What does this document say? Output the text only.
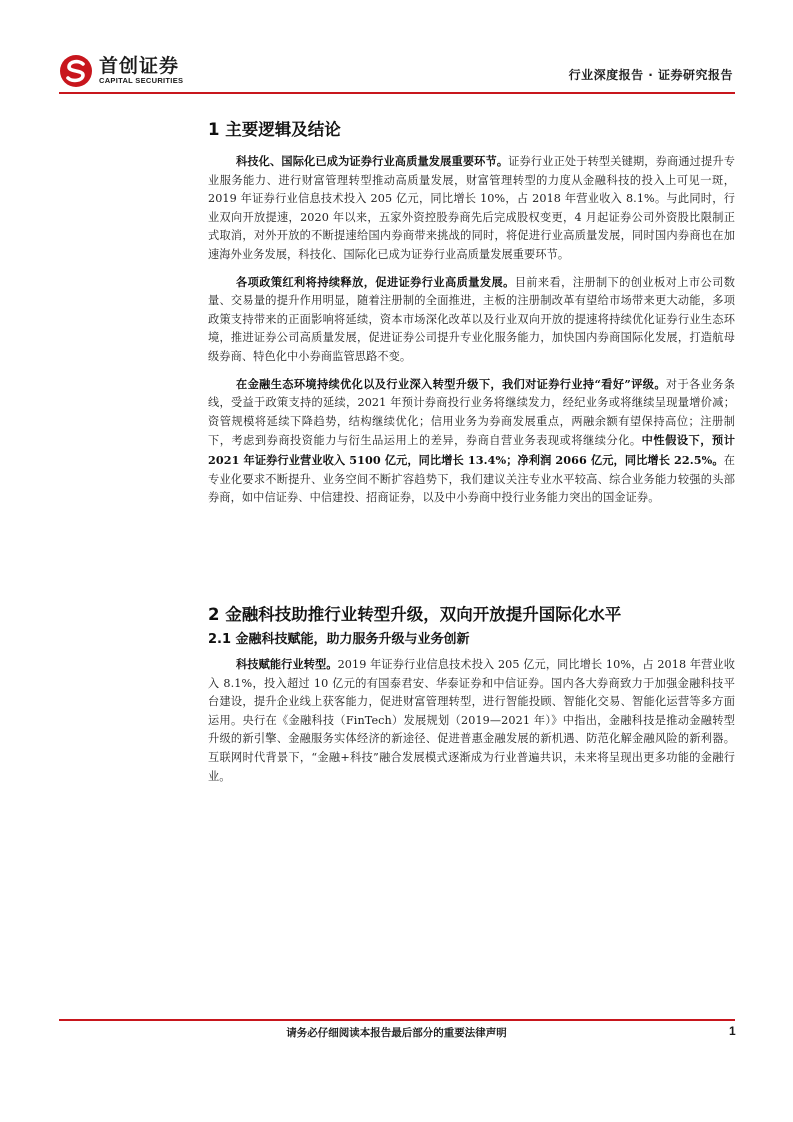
首创证券
CAPITAL SECURITIES	行业深度报告 · 证券研究报告
1 主要逻辑及结论

科技化、国际化已成为证券行业高质量发展重要环节。证券行业正处于转型关键期，券商通过提升专业服务能力、进行财富管理转型推动高质量发展，财富管理转型的力度从金融科技的投入上可见一斑，2019 年证券行业信息技术投入 205 亿元，同比增长 10%，占 2018 年营业收入 8.1%。与此同时，行业双向开放提速，2020 年以来，五家外资控股券商先后完成股权变更，4 月起证券公司外资股比限制正式取消，对外开放的不断提速给国内券商带来挑战的同时，将促进行业高质量发展，同时国内券商也在加速海外业务发展，科技化、国际化已成为证券行业高质量发展重要环节。

各项政策红利将持续释放，促进证券行业高质量发展。目前来看，注册制下的创业板对上市公司数量、交易量的提升作用明显，随着注册制的全面推进，主板的注册制改革有望给市场带来更大动能，多项政策支持带来的正面影响将延续，资本市场深化改革以及行业双向开放的提速将持续优化证券行业生态环境，推进证券公司高质量发展，促进证券公司提升专业化服务能力，加快国内券商国际化发展，打造航母级券商、特色化中小券商监管思路不变。

在金融生态环境持续优化以及行业深入转型升级下，我们对证券行业持“看好”评级。对于各业务条线，受益于政策支持的延续，2021 年预计券商投行业务将继续发力，经纪业务或将继续呈现量增价减；资管规模将延续下降趋势，结构继续优化；信用业务为券商发展重点，两融余额有望保持高位；注册制下，考虑到券商投资能力与衍生品运用上的差异，券商自营业务表现或将继续分化。中性假设下，预计 2021 年证券行业营业收入 5100 亿元，同比增长 13.4%；净利润 2066 亿元，同比增长 22.5%。在专业化要求不断提升、业务空间不断扩容趋势下，我们建议关注专业水平较高、综合业务能力较强的头部券商，如中信证券、中信建投、招商证券，以及中小券商中投行业务能力突出的国金证券。

2 金融科技助推行业转型升级，双向开放提升国际化水平
2.1 金融科技赋能，助力服务升级与业务创新

科技赋能行业转型。2019 年证券行业信息技术投入 205 亿元，同比增长 10%，占 2018 年营业收入 8.1%，投入超过 10 亿元的有国泰君安、华泰证券和中信证券。国内各大券商致力于加强金融科技平台建设，提升企业线上获客能力，促进财富管理转型，进行智能投顾、智能化交易、智能化运营等多方面运用。央行在《金融科技（FinTech）发展规划（2019—2021 年）》中指出，金融科技是推动金融转型升级的新引擎、金融服务实体经济的新途径、促进普惠金融发展的新机遇、防范化解金融风险的新利器。互联网时代背景下，“金融+科技”融合发展模式逐渐成为行业普遍共识，未来将呈现出更多功能的金融行业。

请务必仔细阅读本报告最后部分的重要法律声明	1
